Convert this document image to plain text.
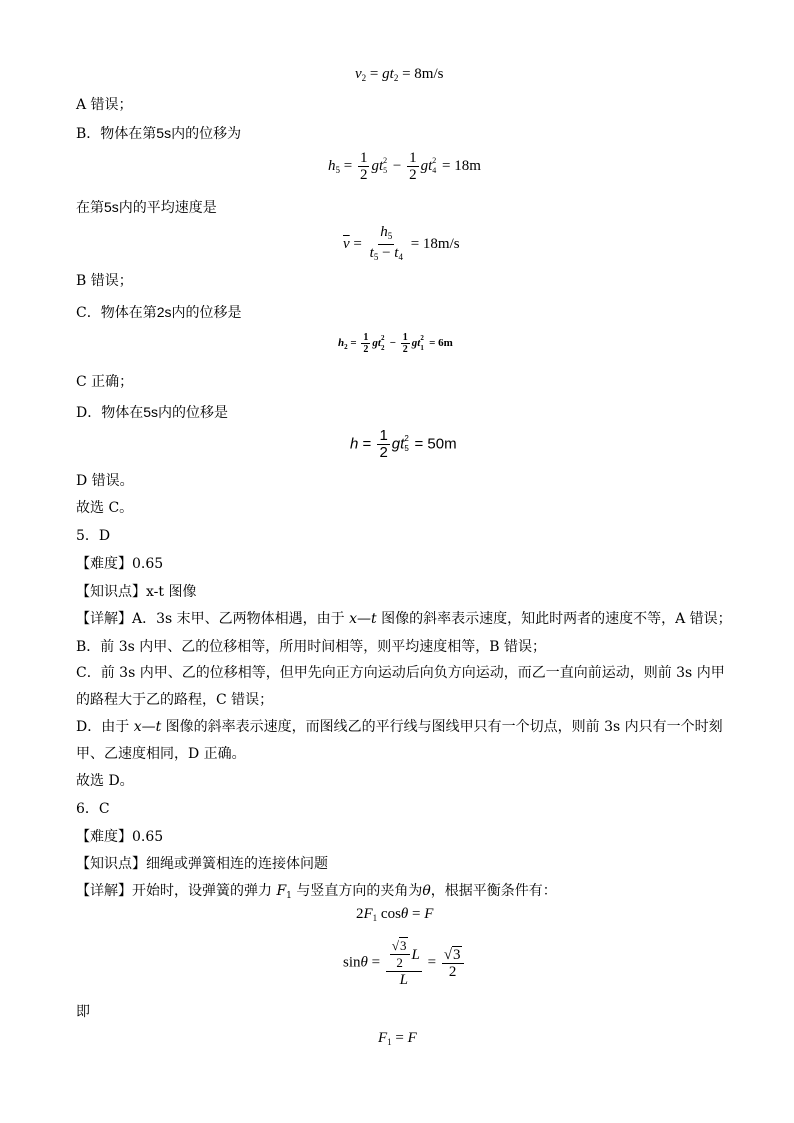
$v_2 = gt_2 = 8m/s$
A 错误；
B．物体在第5s内的位移为
$h_5 = \frac{1}{2}$ gt 2
$5 - \frac{1}{2}$ gt 2
4 = 18m
在第5s内的平均速度是
$\overline{v} = \frac{h_5}{t_5 - t_4} = 18m/s$
B 错误；
C．物体在第2s内的位移是
$h_2 = \frac{1}{2}$ gt 2
$2 - \frac{1}{2}$ gt 2
1 = 6m
C 正确；
D．物体在5s内的位移是
$h = \frac{1}{2}$ gt 2
5 = 50m
D 错误。
故选 C。
5．D
【难度】0.65
【知识点】x-t 图像
【详解】A．3s 末甲、乙两物体相遇，由于 x—t 图像的斜率表示速度，知此时两者的速度不等，A 错误；
B．前 3s 内甲、乙的位移相等，所用时间相等，则平均速度相等，B 错误；
C．前 3s 内甲、乙的位移相等，但甲先向正方向运动后向负方向运动，而乙一直向前运动，则前 3s 内甲
的路程大于乙的路程，C 错误；
D．由于 x—t 图像的斜率表示速度，而图线乙的平行线与图线甲只有一个切点，则前 3s 内只有一个时刻
甲、乙速度相同，D 正确。
故选 D。
6．C
【难度】0.65
【知识点】细绳或弹簧相连的连接体问题
【详解】开始时，设弹簧的弹力 $F_1$ 与竖直方向的夹角为θ，根据平衡条件有：
$2F_1$ cosθ = F
$\sin\theta = \frac{\frac{√3}{2} L}{L} = \frac{√3}{2}$
即
$F_1 = F$
